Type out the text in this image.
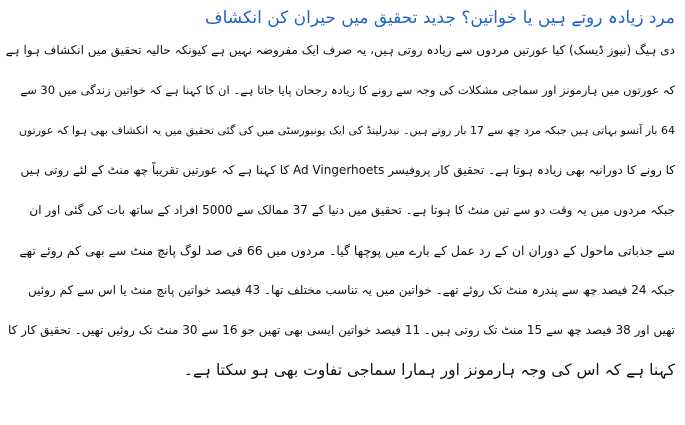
مرد زیادہ روتے ہیں یا خواتین؟ جدید تحقیق میں حیران کن انکشاف
دی ہیگ (نیوز ڈیسک) کیا عورتیں مردوں سے زیادہ روتی ہیں، یہ صرف ایک مفروضہ نہیں ہے کیونکہ حالیہ تحقیق میں انکشاف ہوا ہے
کہ عورتوں میں ہارمونز اور سماجی مشکلات کی وجہ سے رونے کا زیادہ رجحان پایا جاتا ہے۔ ان کا کہنا ہے کہ خواتین زندگی میں 30 سے
64 بار آنسو بہاتی ہیں جبکہ مرد چھ سے 17 بار روتے ہیں۔ نیدرلینڈ کی ایک یونیورسٹی میں کی گئی تحقیق میں یہ انکشاف بھی ہوا کہ عورتوں
کا رونے کا دورانیہ بھی زیادہ ہوتا ہے۔ تحقیق کار پروفیسر Ad Vingerhoets کا کہنا ہے کہ عورتیں تقریباً چھ منٹ کے لئے روتی ہیں
جبکہ مردوں میں یہ وقت دو سے تین منٹ کا ہوتا ہے۔ تحقیق میں دنیا کے 37 ممالک سے 5000 افراد کے ساتھ بات کی گئی اور ان
سے جذباتی ماحول کے دوران ان کے رد عمل کے بارے میں پوچھا گیا۔ مردوں میں 66 فی صد لوگ پانچ منٹ سے بھی کم روئے تھے
جبکہ 24 فیصد چھ سے پندرہ منٹ تک روئے تھے۔ خواتین میں یہ تناسب مختلف تھا۔ 43 فیصد خواتین پانچ منٹ یا اس سے کم روئیں
تھیں اور 38 فیصد چھ سے 15 منٹ تک روتی ہیں۔ 11 فیصد خواتین ایسی بھی تھیں جو 16 سے 30 منٹ تک روئیں تھیں۔ تحقیق کار کا
کہنا ہے کہ اس کی وجہ ہارمونز اور ہمارا سماجی تفاوت بھی ہو سکتا ہے۔
